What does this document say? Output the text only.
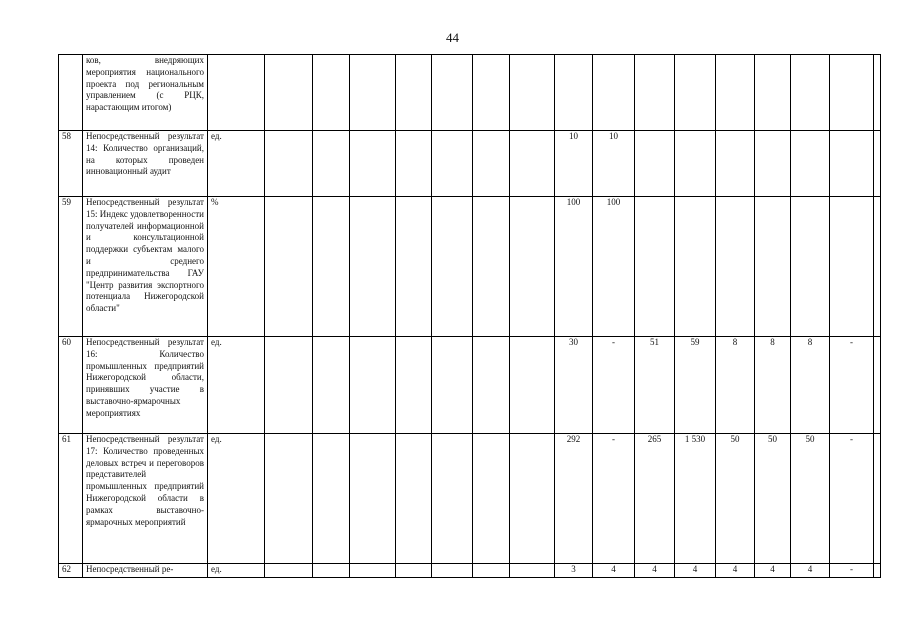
44
	ков, внедряющих мероприятия национального проекта под региональным управлением (с РЦК, нарастающим итогом)																	
58	Непосредственный результат 14: Количество организаций, на которых проведен инновационный аудит	ед.								10	10							
59	Непосредственный результат 15: Индекс удовлетворенности получателей информационной и консультационной поддержки субъектам малого и среднего предпринимательства ГАУ "Центр развития экспортного потенциала Нижегородской области"	%								100	100							
60	Непосредственный результат 16: Количество промышленных предприятий Нижегородской области, принявших участие в выставочно-ярмарочных мероприятиях	ед.								30	-	51	59	8	8	8	-	
61	Непосредственный результат 17: Количество проведенных деловых встреч и переговоров представителей промышленных предприятий Нижегородской области в рамках выставочно-ярмарочных мероприятий	ед.								292	-	265	1 530	50	50	50	-	
62	Непосредственный ре-	ед.								3	4	4	4	4	4	4	-	
